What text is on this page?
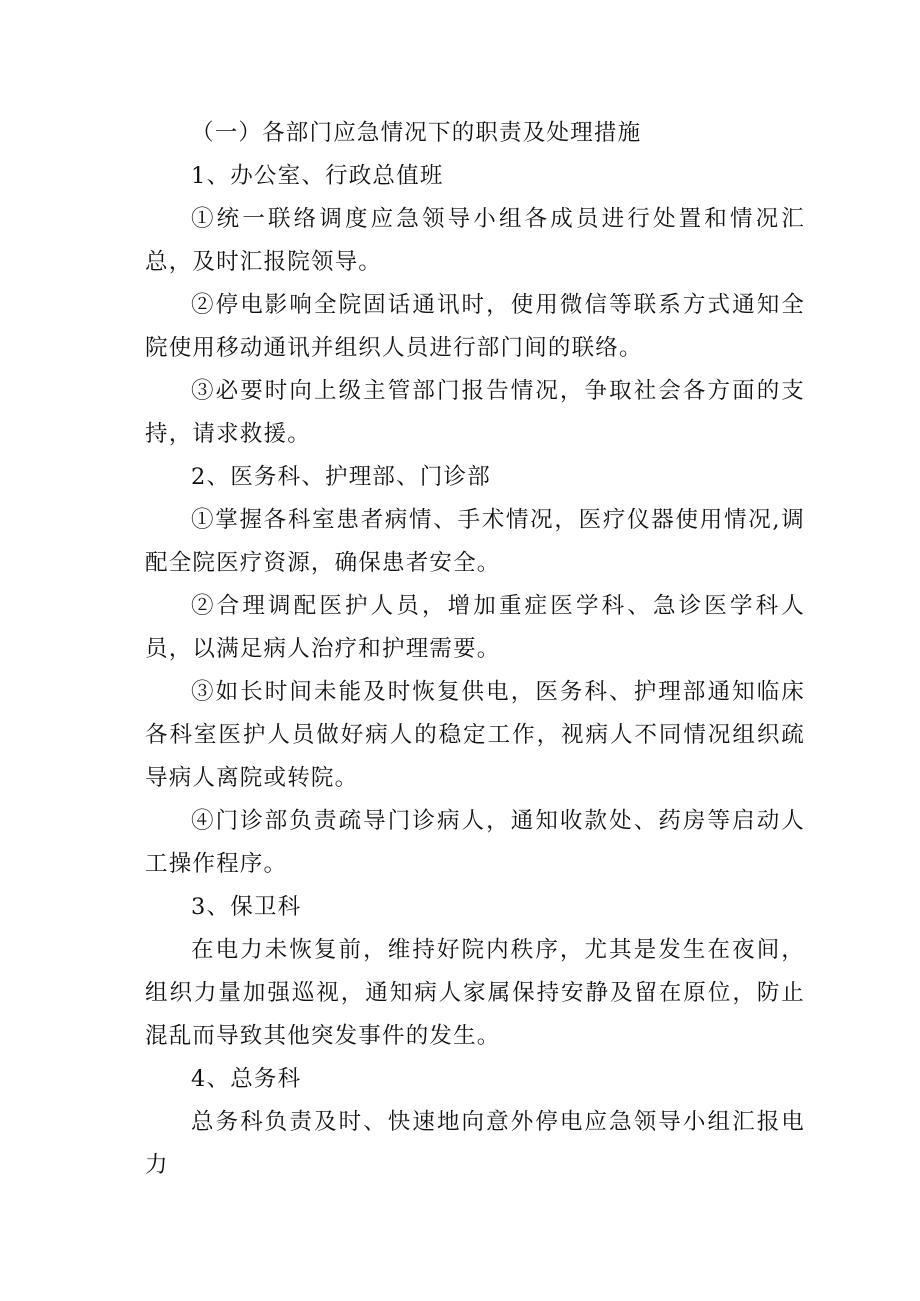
（一）各部门应急情况下的职责及处理措施

1、办公室、行政总值班

①统一联络调度应急领导小组各成员进行处置和情况汇总，及时汇报院领导。

②停电影响全院固话通讯时，使用微信等联系方式通知全院使用移动通讯并组织人员进行部门间的联络。

③必要时向上级主管部门报告情况，争取社会各方面的支持，请求救援。

2、医务科、护理部、门诊部

①掌握各科室患者病情、手术情况，医疗仪器使用情况,调配全院医疗资源，确保患者安全。

②合理调配医护人员，增加重症医学科、急诊医学科人员，以满足病人治疗和护理需要。

③如长时间未能及时恢复供电，医务科、护理部通知临床各科室医护人员做好病人的稳定工作，视病人不同情况组织疏导病人离院或转院。

④门诊部负责疏导门诊病人，通知收款处、药房等启动人工操作程序。

3、保卫科

在电力未恢复前，维持好院内秩序，尤其是发生在夜间，组织力量加强巡视，通知病人家属保持安静及留在原位，防止混乱而导致其他突发事件的发生。

4、总务科

总务科负责及时、快速地向意外停电应急领导小组汇报电力
